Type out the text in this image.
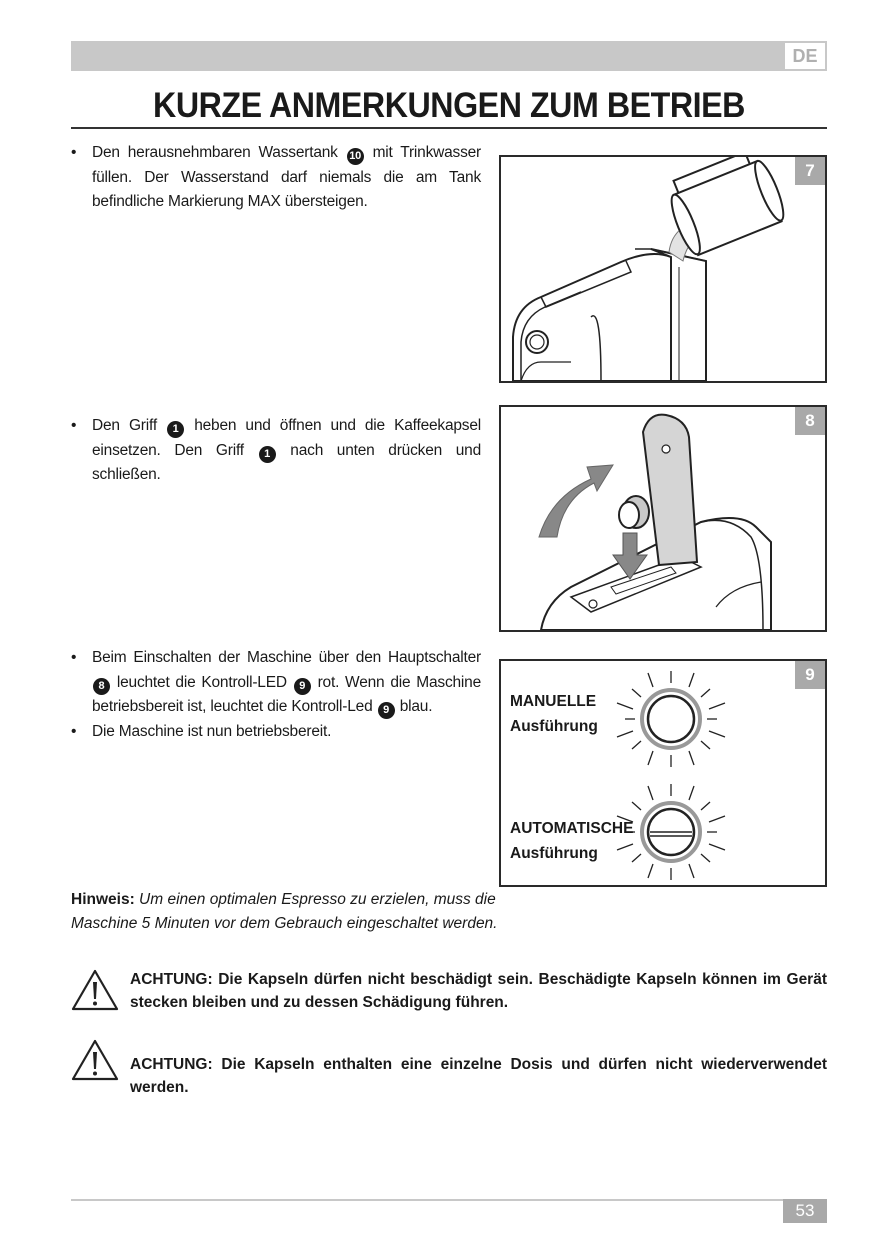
DE
KURZE ANMERKUNGEN ZUM BETRIEB

• Den herausnehmbaren Wassertank 10 mit Trinkwasser füllen. Der Wasserstand darf niemals die am Tank befindliche Markierung MAX übersteigen.

7

• Den Griff 1 heben und öffnen und die Kaffeekapsel einsetzen. Den Griff 1 nach unten drücken und schließen.

8

• Beim Einschalten der Maschine über den Hauptschalter 8 leuchtet die Kontroll-LED 9 rot. Wenn die Maschine betriebsbereit ist, leuchtet die Kontroll-Led 9 blau.

• Die Maschine ist nun betriebsbereit.

MANUELLE
Ausführung
AUTOMATISCHE
Ausführung
9
Hinweis: Um einen optimalen Espresso zu erzielen, muss die Maschine 5 Minuten vor dem Gebrauch eingeschaltet werden.
ACHTUNG: Die Kapseln dürfen nicht beschädigt sein. Beschädigte Kapseln können im Gerät stecken bleiben und zu dessen Schädigung führen.
ACHTUNG: Die Kapseln enthalten eine einzelne Dosis und dürfen nicht wiederverwendet werden.
53
